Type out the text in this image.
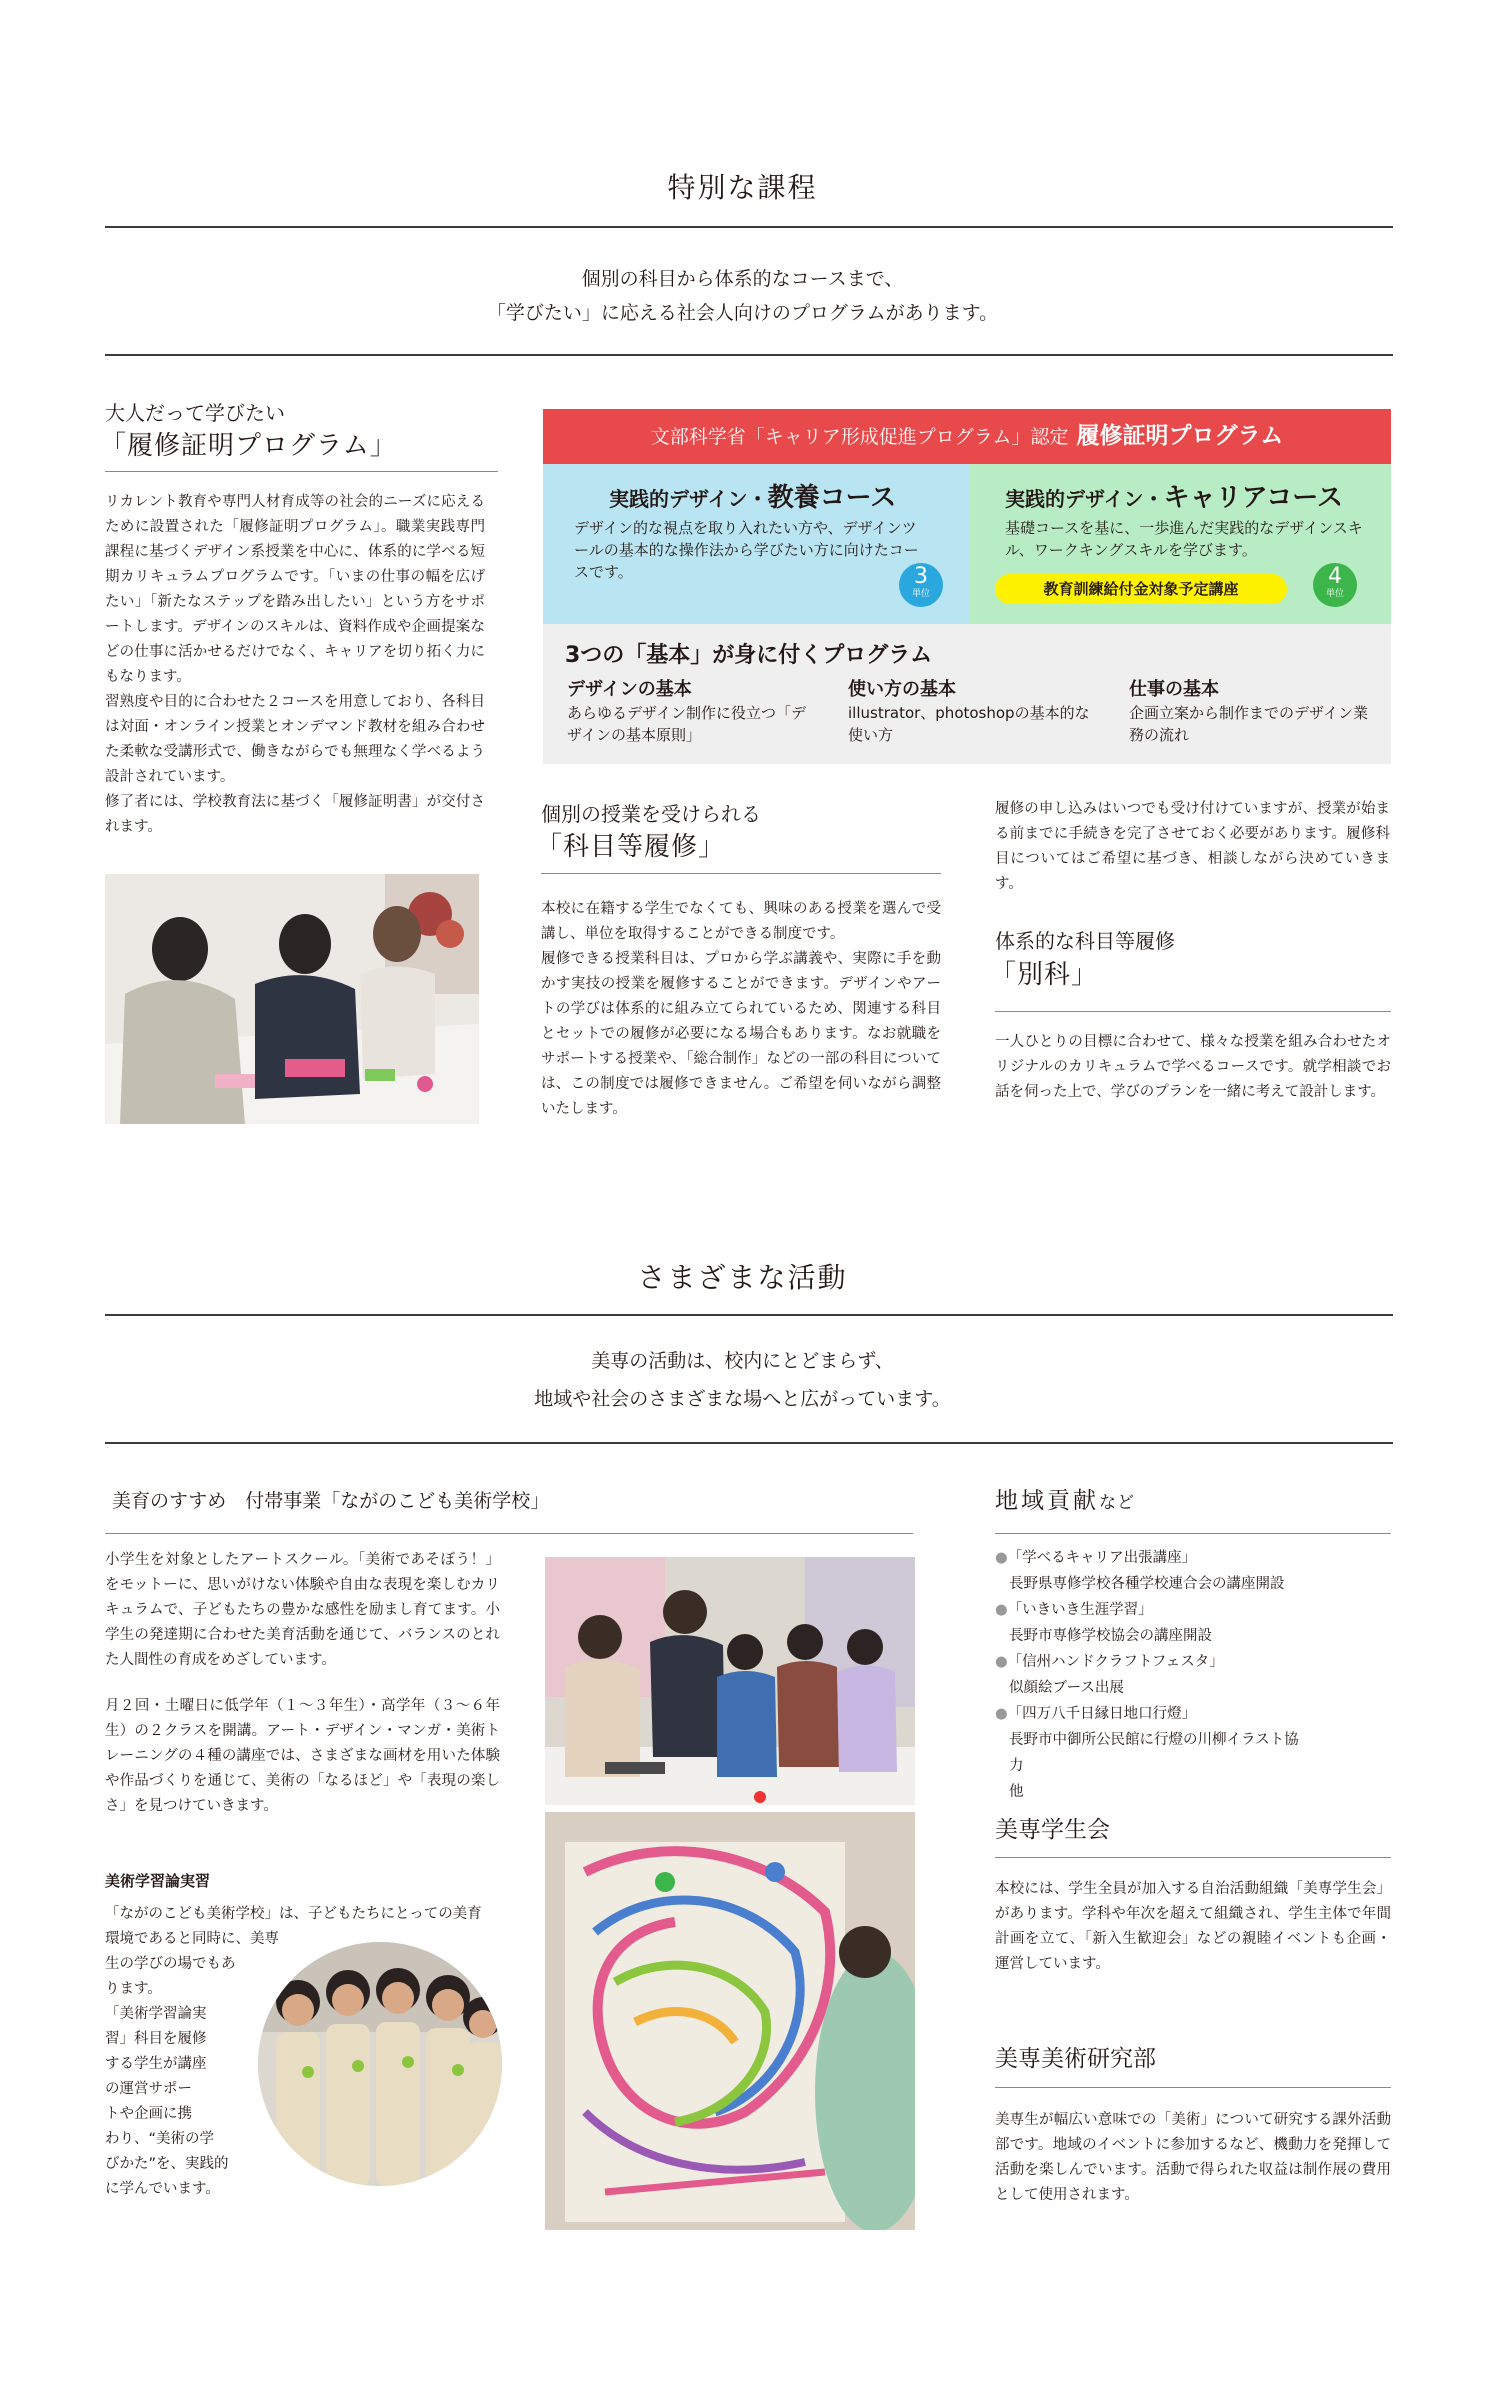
特別な課程
個別の科目から体系的なコースまで、
「学びたい」に応える社会人向けのプログラムがあります。
大人だって学びたい
「履修証明プログラム」
リカレント教育や専門人材育成等の社会的ニーズに応えるために設置された「履修証明プログラム」。職業実践専門課程に基づくデザイン系授業を中心に、体系的に学べる短期カリキュラムプログラムです。「いまの仕事の幅を広げたい」「新たなステップを踏み出したい」という方をサポートします。デザインのスキルは、資料作成や企画提案などの仕事に活かせるだけでなく、キャリアを切り拓く力にもなります。
習熟度や目的に合わせた２コースを用意しており、各科目は対面・オンライン授業とオンデマンド教材を組み合わせた柔軟な受講形式で、働きながらでも無理なく学べるよう設計されています。
修了者には、学校教育法に基づく「履修証明書」が交付されます。
文部科学省「キャリア形成促進プログラム」認定 履修証明プログラム
実践的デザイン・教養コース
デザイン的な視点を取り入れたい方や、デザインツールの基本的な操作法から学びたい方に向けたコースです。	3
単位
実践的デザイン・キャリアコース
基礎コースを基に、一歩進んだ実践的なデザインスキル、ワークキングスキルを学びます。
教育訓練給付金対象予定講座	4
単位
3つの「基本」が身に付くプログラム
デザインの基本
あらゆるデザイン制作に役立つ「デザインの基本原則」
使い方の基本
illustrator、photoshopの基本的な使い方
仕事の基本
企画立案から制作までのデザイン業務の流れ
個別の授業を受けられる
「科目等履修」
本校に在籍する学生でなくても、興味のある授業を選んで受講し、単位を取得することができる制度です。
履修できる授業科目は、プロから学ぶ講義や、実際に手を動かす実技の授業を履修することができます。デザインやアートの学びは体系的に組み立てられているため、関連する科目とセットでの履修が必要になる場合もあります。なお就職をサポートする授業や、「総合制作」などの一部の科目については、この制度では履修できません。ご希望を伺いながら調整いたします。
履修の申し込みはいつでも受け付けていますが、授業が始まる前までに手続きを完了させておく必要があります。履修科目についてはご希望に基づき、相談しながら決めていきます。
体系的な科目等履修
「別科」
一人ひとりの目標に合わせて、様々な授業を組み合わせたオリジナルのカリキュラムで学べるコースです。就学相談でお話を伺った上で、学びのプランを一緒に考えて設計します。
さまざまな活動
美専の活動は、校内にとどまらず、
地域や社会のさまざまな場へと広がっています。
美育のすすめ　付帯事業「ながのこども美術学校」
小学生を対象としたアートスクール。「美術であそぼう！」をモットーに、思いがけない体験や自由な表現を楽しむカリキュラムで、子どもたちの豊かな感性を励まし育てます。小学生の発達期に合わせた美育活動を通じて、バランスのとれた人間性の育成をめざしています。
月２回・土曜日に低学年（１～３年生）・高学年（３～６年生）の２クラスを開講。アート・デザイン・マンガ・美術トレーニングの４種の講座では、さまざまな画材を用いた体験や作品づくりを通じて、美術の「なるほど」や「表現の楽しさ」を見つけていきます。
美術学習論実習
「ながのこども美術学校」は、子どもたちにとっての美育
環境であると同時に、美専
生の学びの場でもあ
ります。
「美術学習論実
習」科目を履修
する学生が講座
の運営サポー
トや企画に携
わり、“美術の学
びかた”を、実践的
に学んでいます。
地域貢献など
●「学べるキャリア出張講座」
長野県専修学校各種学校連合会の講座開設
●「いきいき生涯学習」
長野市専修学校協会の講座開設
●「信州ハンドクラフトフェスタ」
似顔絵ブース出展
●「四万八千日縁日地口行燈」
長野市中御所公民館に行燈の川柳イラスト協力
他
美専学生会
本校には、学生全員が加入する自治活動組織「美専学生会」があります。学科や年次を超えて組織され、学生主体で年間計画を立て、「新入生歓迎会」などの親睦イベントも企画・運営しています。
美専美術研究部
美専生が幅広い意味での「美術」について研究する課外活動部です。地域のイベントに参加するなど、機動力を発揮して活動を楽しんでいます。活動で得られた収益は制作展の費用として使用されます。
